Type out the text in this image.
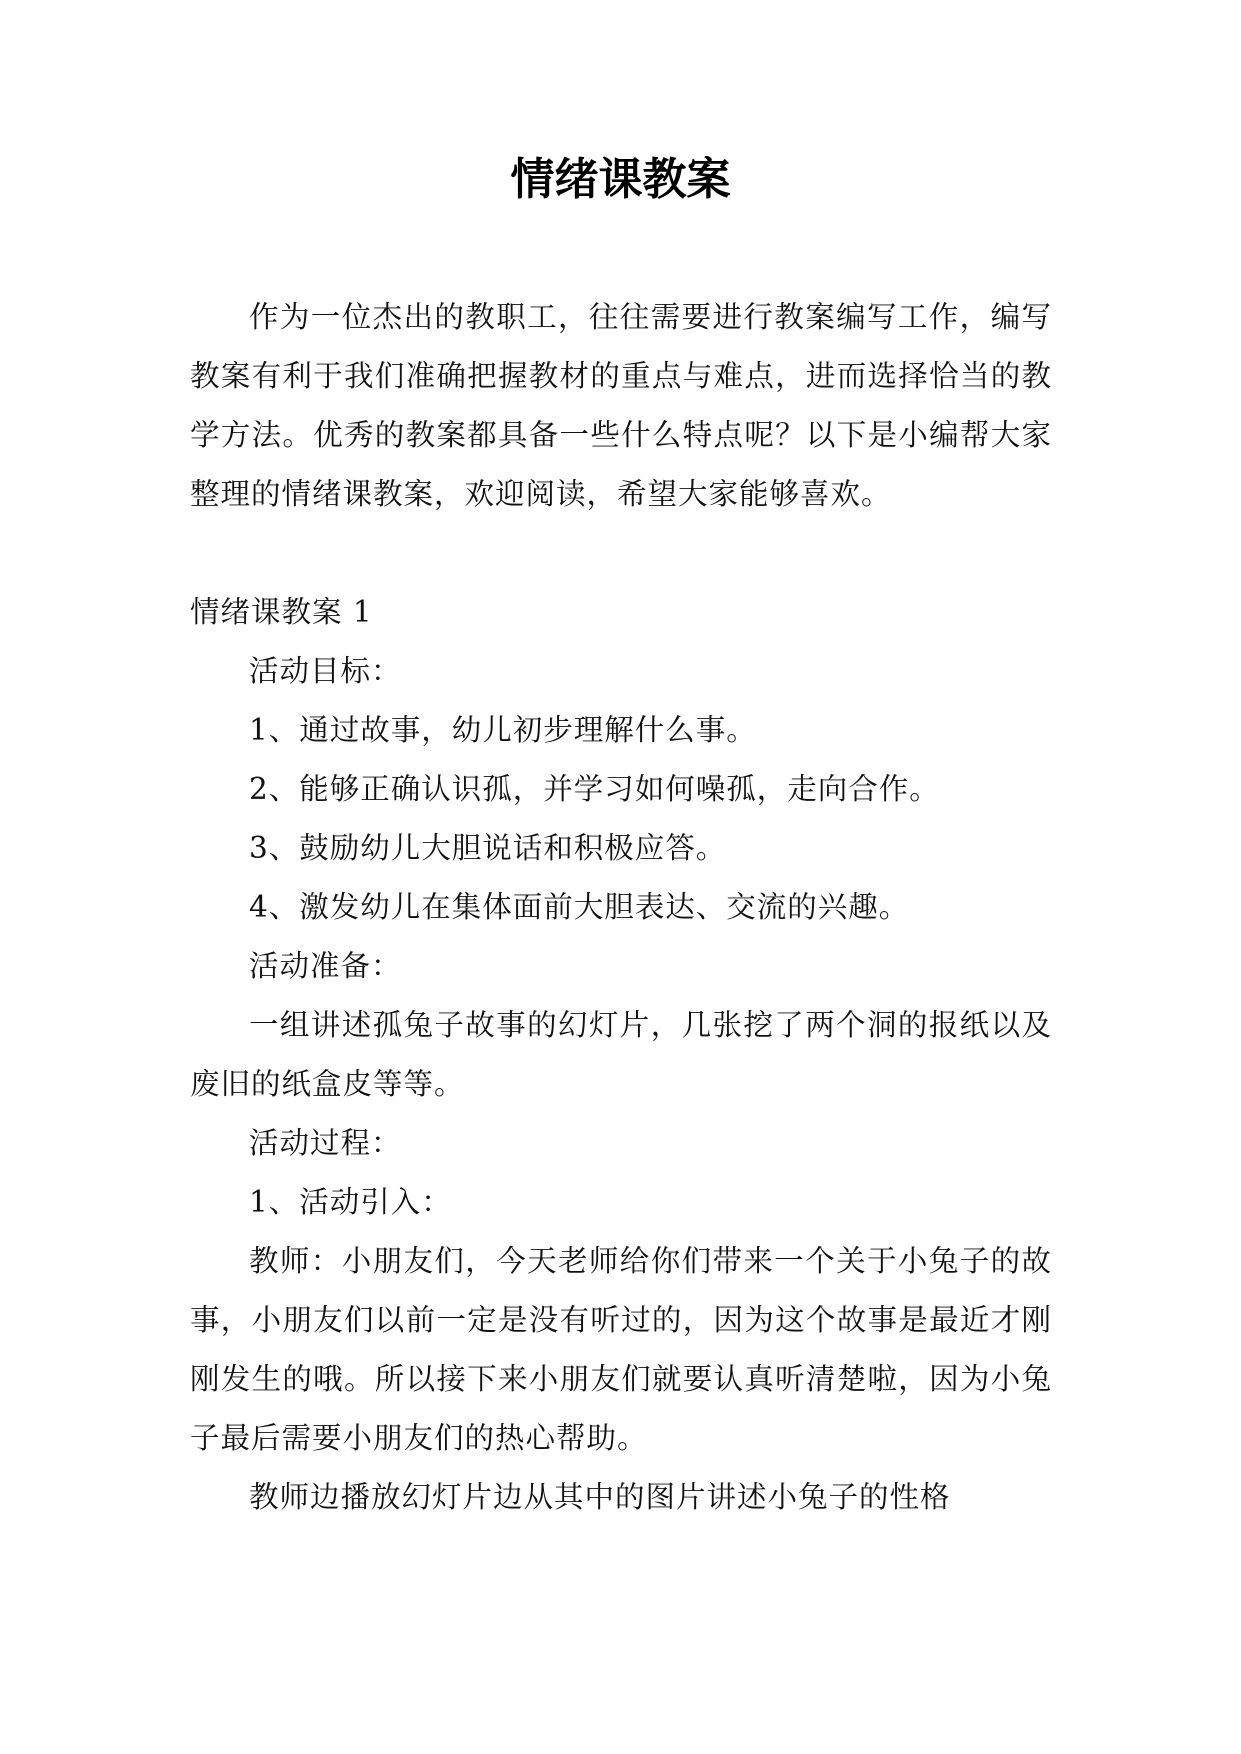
情绪课教案

作为一位杰出的教职工，往往需要进行教案编写工作，编写教案有利于我们准确把握教材的重点与难点，进而选择恰当的教学方法。优秀的教案都具备一些什么特点呢？以下是小编帮大家整理的情绪课教案，欢迎阅读，希望大家能够喜欢。

情绪课教案 1

活动目标：

1、通过故事，幼儿初步理解什么事。

2、能够正确认识孤，并学习如何噪孤，走向合作。

3、鼓励幼儿大胆说话和积极应答。

4、激发幼儿在集体面前大胆表达、交流的兴趣。

活动准备：

一组讲述孤兔子故事的幻灯片，几张挖了两个洞的报纸以及废旧的纸盒皮等等。

活动过程：

1、活动引入：

教师：小朋友们，今天老师给你们带来一个关于小兔子的故事，小朋友们以前一定是没有听过的，因为这个故事是最近才刚刚发生的哦。所以接下来小朋友们就要认真听清楚啦，因为小兔子最后需要小朋友们的热心帮助。

教师边播放幻灯片边从其中的图片讲述小兔子的性格
